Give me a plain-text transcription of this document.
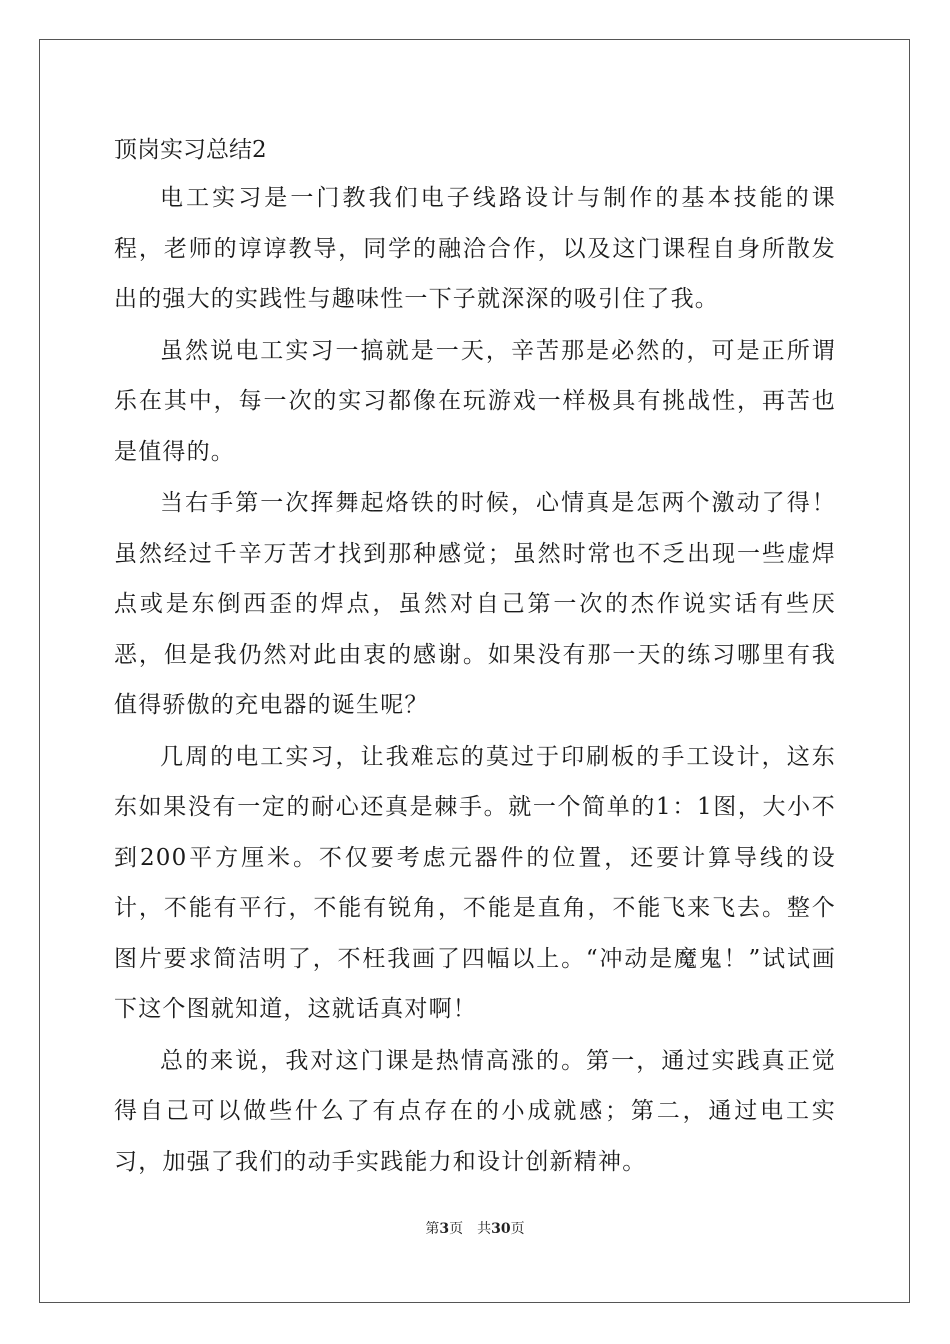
顶岗实习总结2

电工实习是一门教我们电子线路设计与制作的基本技能的课程，老师的谆谆教导，同学的融洽合作，以及这门课程自身所散发出的强大的实践性与趣味性一下子就深深的吸引住了我。

虽然说电工实习一搞就是一天，辛苦那是必然的，可是正所谓乐在其中，每一次的实习都像在玩游戏一样极具有挑战性，再苦也是值得的。

当右手第一次挥舞起烙铁的时候，心情真是怎两个激动了得！虽然经过千辛万苦才找到那种感觉；虽然时常也不乏出现一些虚焊点或是东倒西歪的焊点，虽然对自己第一次的杰作说实话有些厌恶，但是我仍然对此由衷的感谢。如果没有那一天的练习哪里有我值得骄傲的充电器的诞生呢？

几周的电工实习，让我难忘的莫过于印刷板的手工设计，这东东如果没有一定的耐心还真是棘手。就一个简单的1：1图，大小不到200平方厘米。不仅要考虑元器件的位置，还要计算导线的设计，不能有平行，不能有锐角，不能是直角，不能飞来飞去。整个图片要求简洁明了，不枉我画了四幅以上。“冲动是魔鬼！”试试画下这个图就知道，这就话真对啊！

总的来说，我对这门课是热情高涨的。第一，通过实践真正觉得自己可以做些什么了有点存在的小成就感；第二，通过电工实习，加强了我们的动手实践能力和设计创新精神。

第3页 共30页
